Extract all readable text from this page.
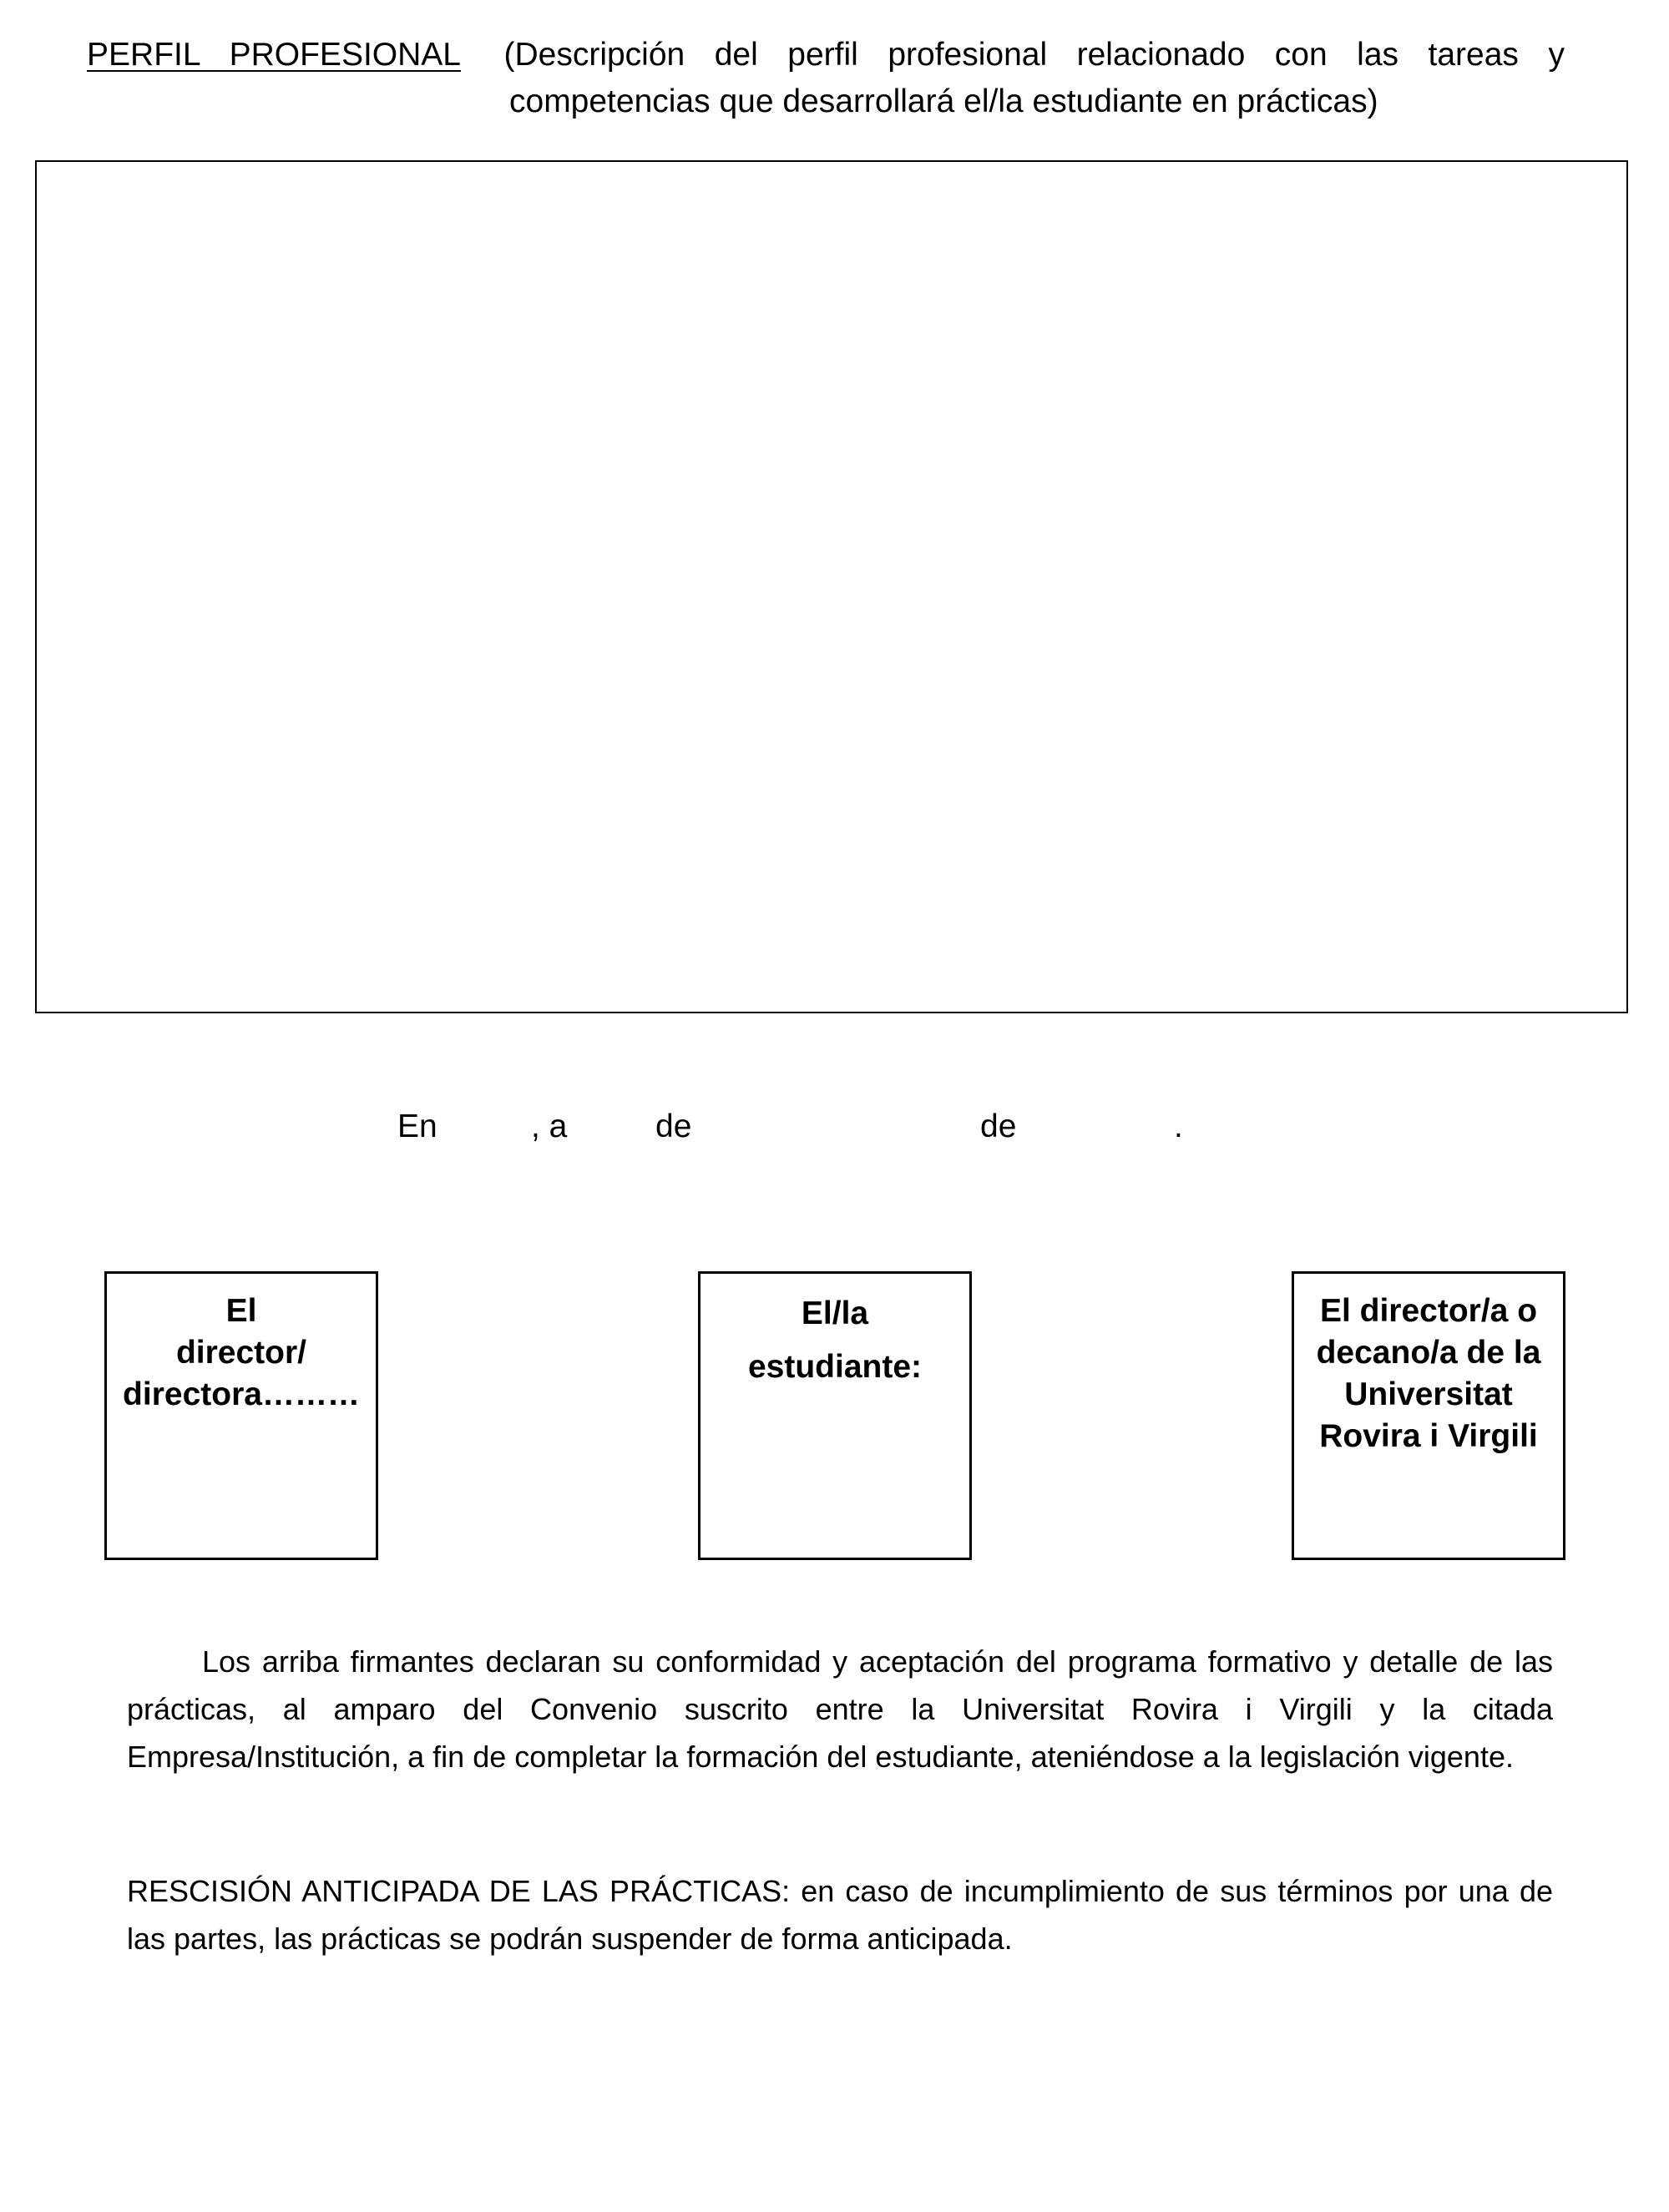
PERFIL PROFESIONAL (Descripción del perfil profesional relacionado con las tareas y
competencias que desarrollará el/la estudiante en prácticas)
En	, a	de	de	.
El
director/
directora………
El/la
estudiante:
El director/a o
decano/a de la
Universitat
Rovira i Virgili

Los arriba firmantes declaran su conformidad y aceptación del programa formativo y detalle de las prácticas, al amparo del Convenio suscrito entre la Universitat Rovira i Virgili y la citada Empresa/Institución, a fin de completar la formación del estudiante, ateniéndose a la legislación vigente.

RESCISIÓN ANTICIPADA DE LAS PRÁCTICAS: en caso de incumplimiento de sus términos por una de las partes, las prácticas se podrán suspender de forma anticipada.
